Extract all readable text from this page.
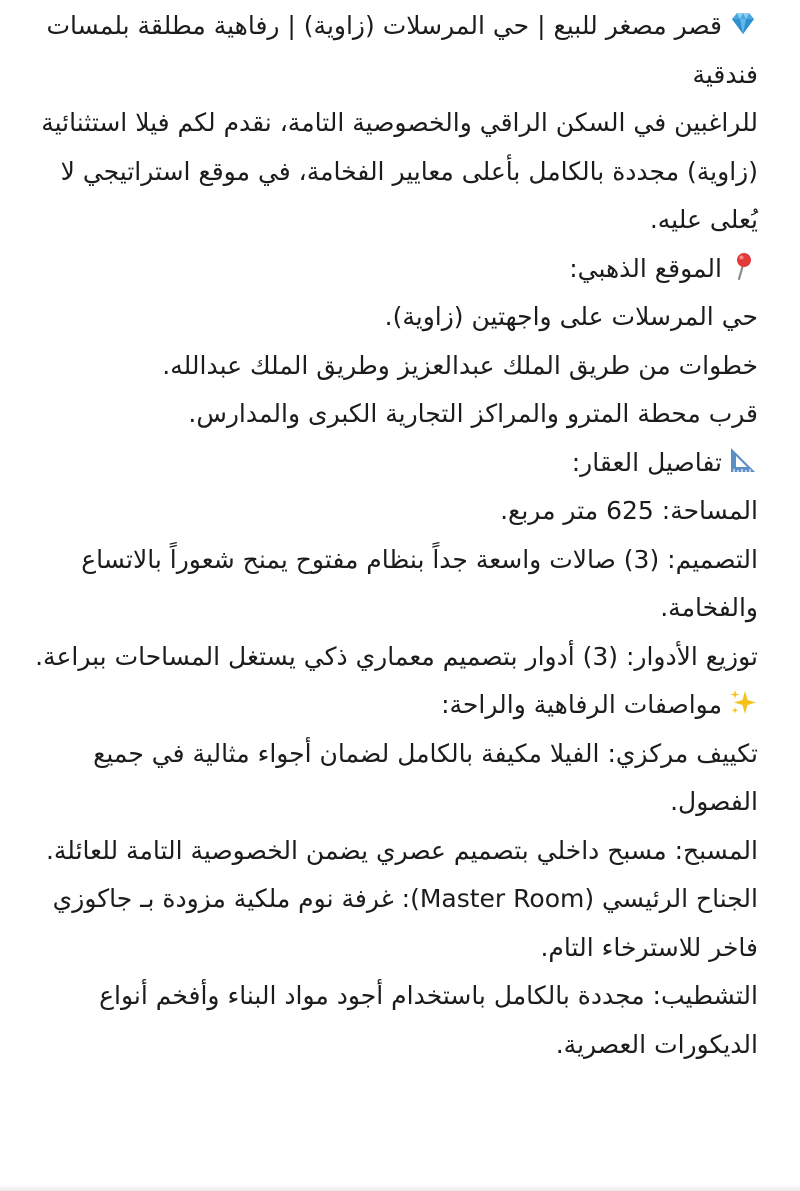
قصر مصغر للبيع | حي المرسلات (زاوية) | رفاهية مطلقة بلمسات فندقية

للراغبين في السكن الراقي والخصوصية التامة، نقدم لكم فيلا استثنائية (زاوية) مجددة بالكامل بأعلى معايير الفخامة، في موقع استراتيجي لا يُعلى عليه.

الموقع الذهبي:

حي المرسلات على واجهتين (زاوية).

خطوات من طريق الملك عبدالعزيز وطريق الملك عبدالله.

قرب محطة المترو والمراكز التجارية الكبرى والمدارس.

تفاصيل العقار:

المساحة: 625 متر مربع.

التصميم: (3) صالات واسعة جداً بنظام مفتوح يمنح شعوراً بالاتساع والفخامة.

توزيع الأدوار: (3) أدوار بتصميم معماري ذكي يستغل المساحات ببراعة.

مواصفات الرفاهية والراحة:

تكييف مركزي: الفيلا مكيفة بالكامل لضمان أجواء مثالية في جميع الفصول.

المسبح: مسبح داخلي بتصميم عصري يضمن الخصوصية التامة للعائلة.

الجناح الرئيسي (Master Room): غرفة نوم ملكية مزودة بـ جاكوزي فاخر للاسترخاء التام.

التشطيب: مجددة بالكامل باستخدام أجود مواد البناء وأفخم أنواع الديكورات العصرية.
